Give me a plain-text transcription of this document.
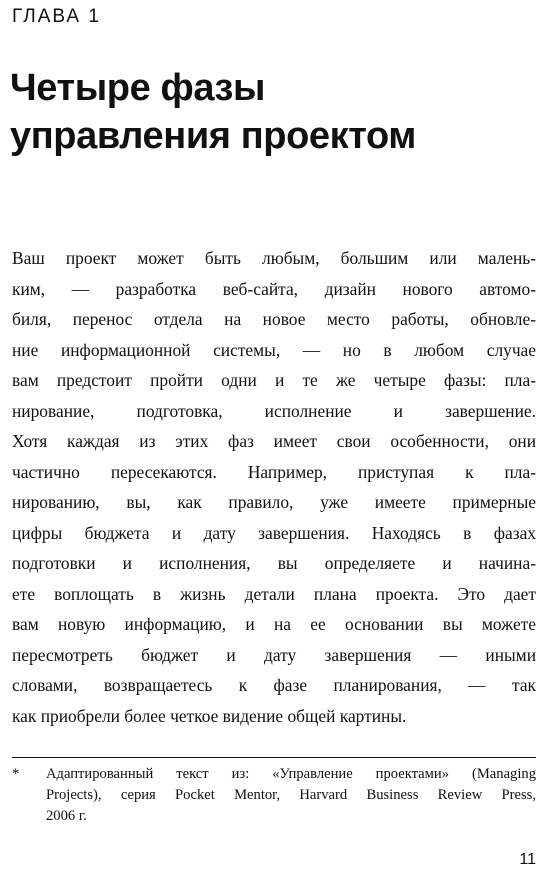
ГЛАВА 1
Четыре фазы
управления проектом
Ваш проект может быть любым, большим или малень-
ким, — разработка веб-сайта, дизайн нового автомо-
биля, перенос отдела на новое место работы, обновле-
ние информационной системы, — но в любом случае
вам предстоит пройти одни и те же четыре фазы: пла-
нирование, подготовка, исполнение и завершение.
Хотя каждая из этих фаз имеет свои особенности, они
частично пересекаются. Например, приступая к пла-
нированию, вы, как правило, уже имеете примерные
цифры бюджета и дату завершения. Находясь в фазах
подготовки и исполнения, вы определяете и начина-
ете воплощать в жизнь детали плана проекта. Это дает
вам новую информацию, и на ее основании вы можете
пересмотреть бюджет и дату завершения — иными
словами, возвращаетесь к фазе планирования, — так
как приобрели более четкое видение общей картины.
* Адаптированный текст из: «Управление проектами» (Managing
Projects), серия Pocket Mentor, Harvard Business Review Press,
2006 г.
11
